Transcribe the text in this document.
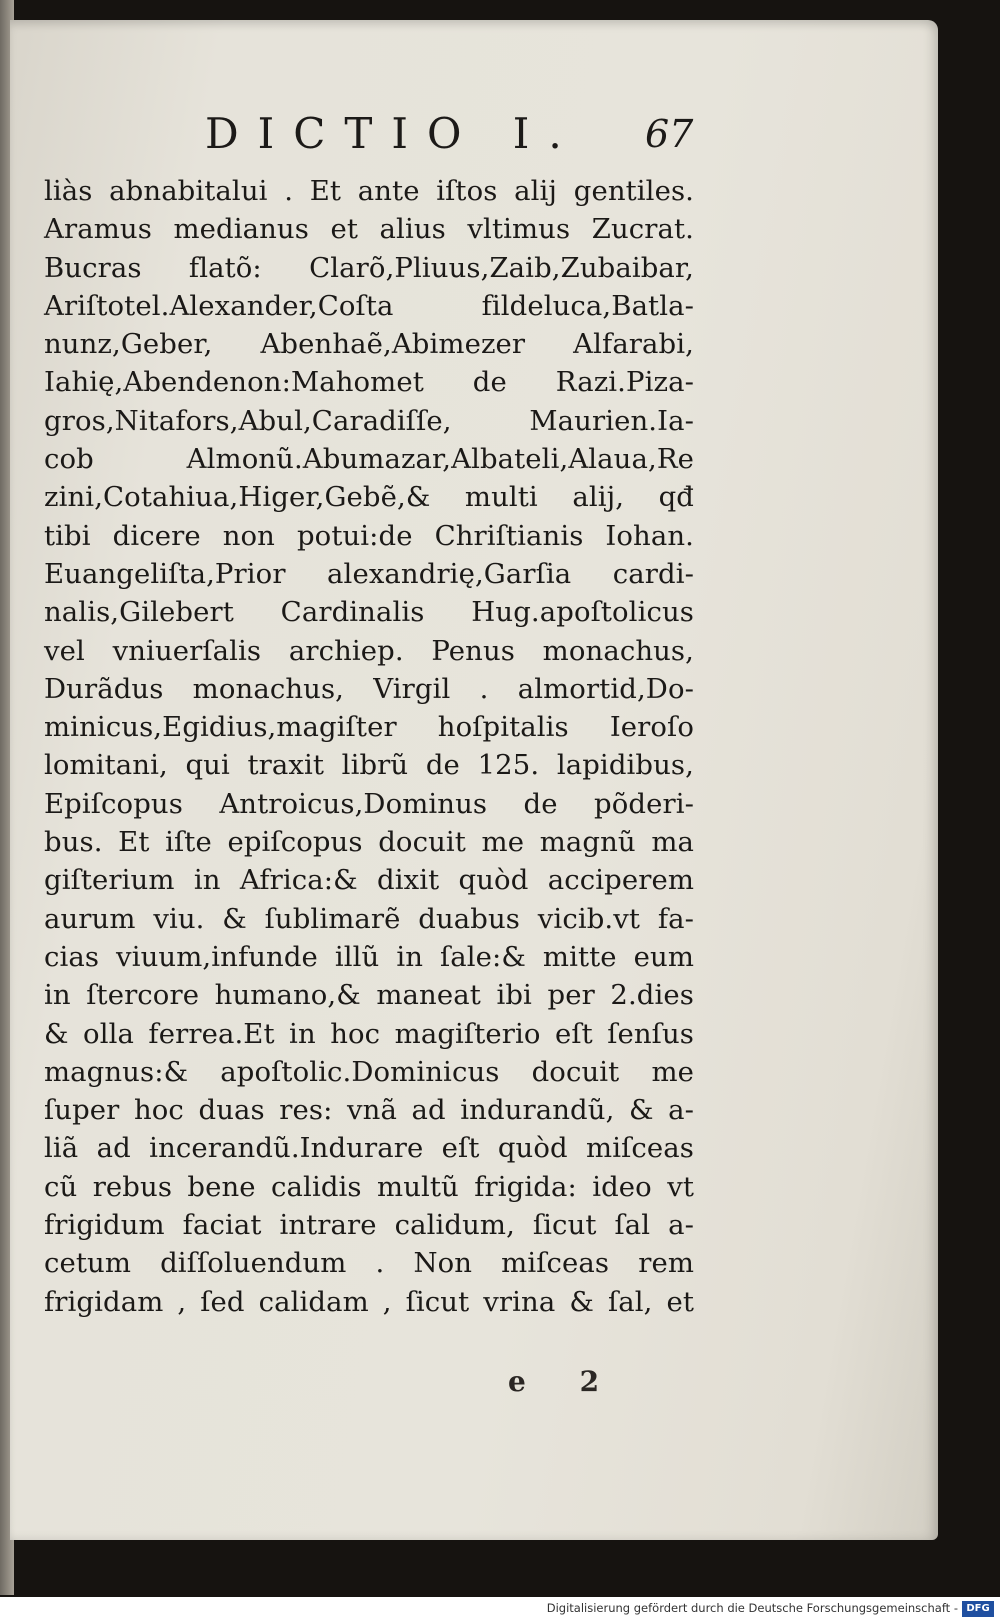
DICTIO I. 67
liàs abnabitalui . Et ante iſtos alij gentiles.
Aramus medianus et alius vltimus Zucrat.
Bucras flatõ: Clarõ,Pliuus,Zaib,Zubaibar,
Ariſtotel.Alexander,Coſta fildeluca,Batla-
nunz,Geber, Abenhaẽ,Abimezer Alfarabi,
Iahię,Abendenon:Mahomet de Razi.Piza-
gros,Nitafors,Abul,Caradiſſe, Maurien.Ia-
cob Almonũ.Abumazar,Albateli,Alaua,Re
zini,Cotahiua,Higer,Gebẽ,& multi alij, qđ
tibi dicere non potui:de Chriſtianis Iohan.
Euangeliſta,Prior alexandrię,Garſia cardi-
nalis,Gilebert Cardinalis Hug.apoſtolicus
vel vniuerſalis archiep. Penus monachus,
Durãdus monachus, Virgil . almortid,Do-
minicus,Egidius,magiſter hoſpitalis Ieroſo
lomitani, qui traxit librũ de 125. lapidibus,
Epiſcopus Antroicus,Dominus de põderi-
bus. Et iſte epiſcopus docuit me magnũ ma
giſterium in Africa:& dixit quòd acciperem
aurum viu. & ſublimarẽ duabus vicib.vt fa-
cias viuum,infunde illũ in ſale:& mitte eum
in ſtercore humano,& maneat ibi per 2.dies
& olla ferrea.Et in hoc magiſterio eſt ſenſus
magnus:& apoſtolic.Dominicus docuit me
ſuper hoc duas res: vnã ad indurandũ, & a-
liã ad incerandũ.Indurare eſt quòd miſceas
cũ rebus bene calidis multũ frigida: ideo vt
frigidum faciat intrare calidum, ſicut ſal a-
cetum diſſoluendum . Non miſceas rem
frigidam , ſed calidam , ſicut vrina & ſal, et
e 2
Digitalisierung gefördert durch die Deutsche Forschungsgemeinschaft - DFG
